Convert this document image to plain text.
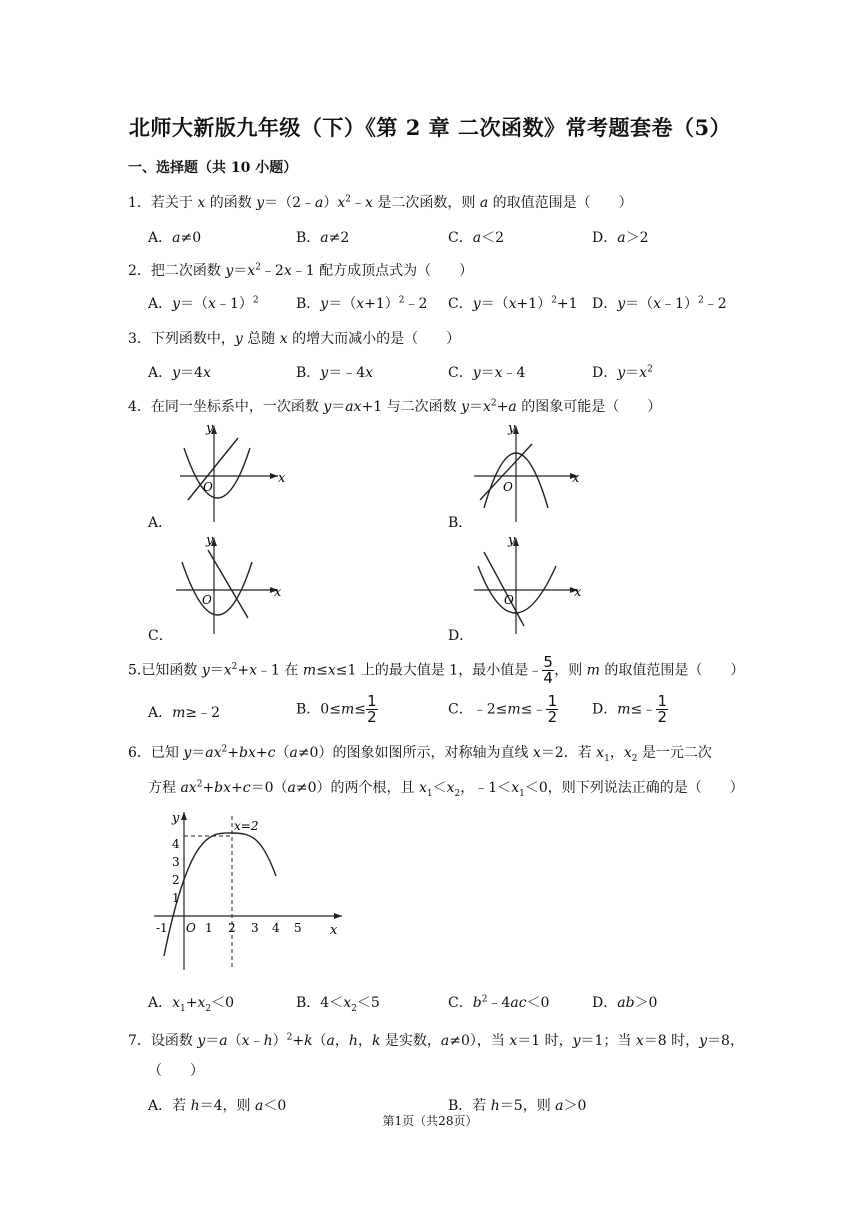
北师大新版九年级（下）《第 2 章 二次函数》常考题套卷（5）
一、选择题（共 10 小题）
1．若关于 x 的函数 $y=(2﹣a)x^2﹣x$ 是二次函数，则 a 的取值范围是（　　）
A．a≠0	B．a≠2	C．a＜2	D．a＞2
2．把二次函数 $y=x^2﹣2x﹣1$ 配方成顶点式为（　　）
A．y＝（x﹣1）$^2$	B．$y=(x+1)^2﹣2$ C．$y=(x+1)^2+1$ D．y＝（x﹣1）$^2$﹣2
3．下列函数中，y 总随 x 的增大而减小的是（　　）
A．y＝4x	B．y＝﹣4x	C．y＝x﹣4	D．$y=x^2$
4．在同一坐标系中，一次函数 y＝ax+1 与二次函数 $y=x^2+a$ 的图象可能是（　　）
x
y
O
A．
x
y
O
B．
x
y
O
C．
x
y
O
D．
5.已知函数 $y=x^2+x﹣1$ 在 m≤x≤1 上的最大值是 1，最小值是﹣ $\frac{5}{4}$ ，则 m 的取值范围是（　　）
A．m≥﹣2	B．$0\le m\le \frac{1}{2}$	C．﹣2≤m≤﹣ $\frac{1}{2}$ D．m≤﹣ $\frac{1}{2}$
6．已知 $y=ax^2+bx+c(a\ne 0)$的图象如图所示，对称轴为直线 x＝2．若 $x_1$，$x_2$ 是一元二次
方程 $ax^2+bx+c=0(a\ne 0)$的两个根，且 $x_1<x_2$，$﹣1<x_1<0$，则下列说法正确的是（　　）
y
x
x=2
O
-1	1 2 3 4 5
1
2
3
4
A．$x_1+x_2<0$	B．$4<x_2<5$	C．$b^2﹣4ac<0$	D．ab＞0
7．设函数 y＝a（x﹣h）$^2$+k（a，h，k 是实数，a≠0），当 x＝1 时，y＝1；当 x＝8 时，y＝8，
（　　）
A．若 h＝4，则 a＜0	B．若 h＝5，则 a＞0
第1页（共28页）
